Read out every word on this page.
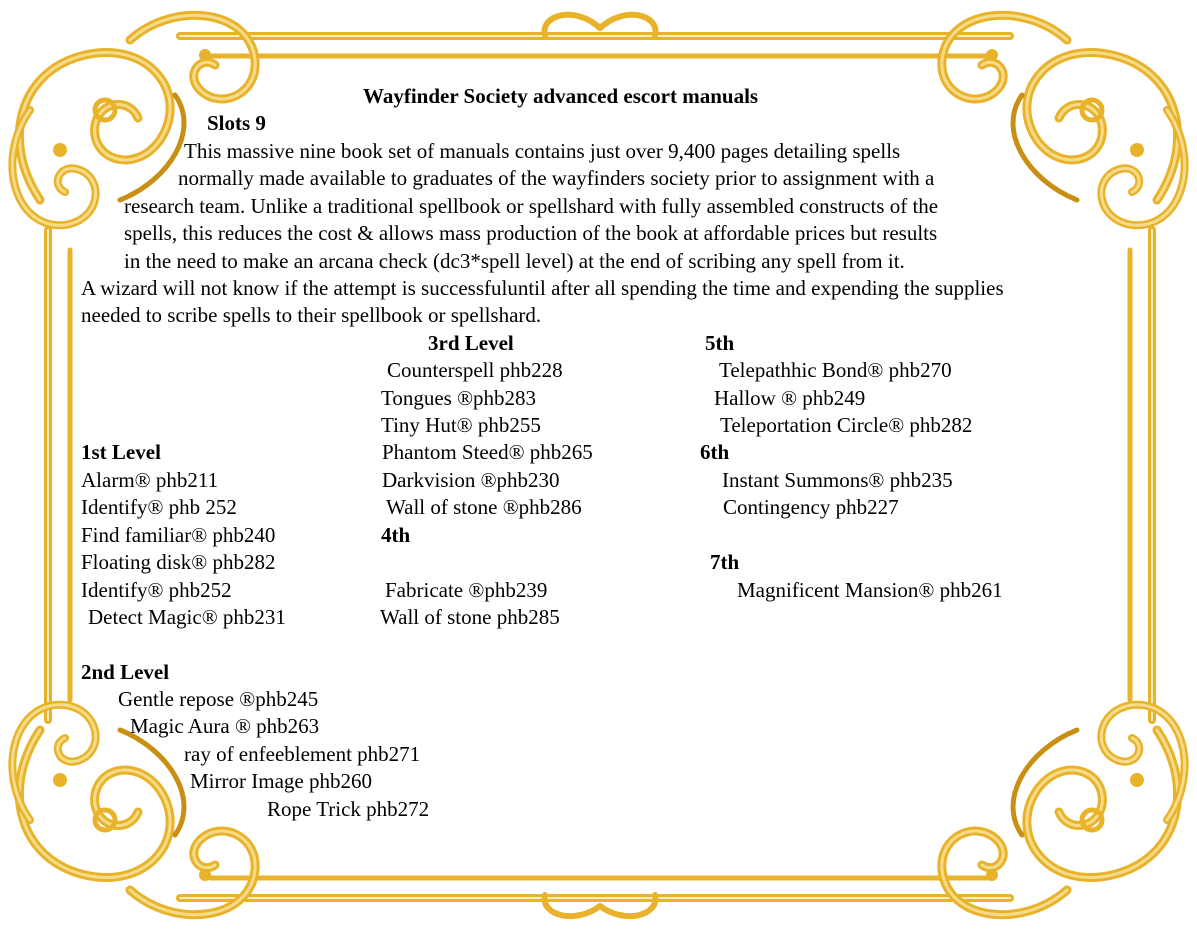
Wayfinder Society advanced escort manuals
Slots 9
This massive nine book set of manuals contains just over 9,400 pages detailing spells
normally made available to graduates of the wayfinders society prior to assignment with a
research team. Unlike a traditional spellbook or spellshard with fully assembled constructs of the
spells, this reduces the cost & allows mass production of the book at affordable prices but results
in the need to make an arcana check (dc3*spell level) at the end of scribing any spell from it.
A wizard will not know if the attempt is successfuluntil after all spending the time and expending the supplies
needed to scribe spells to their spellbook or spellshard.
1st Level
Alarm® phb211
Identify® phb 252
Find familiar® phb240
Floating disk® phb282
Identify® phb252
Detect Magic® phb231
2nd Level
Gentle repose ®phb245
Magic Aura ® phb263
ray of enfeeblement phb271
Mirror Image phb260
Rope Trick phb272
3rd Level
Counterspell phb228
Tongues ®phb283
Tiny Hut® phb255
Phantom Steed® phb265
Darkvision ®phb230
Wall of stone ®phb286
4th
Fabricate ®phb239
Wall of stone phb285
5th
Telepathhic Bond® phb270
Hallow ® phb249
Teleportation Circle® phb282
6th
Instant Summons® phb235
Contingency phb227
7th
Magnificent Mansion® phb261
